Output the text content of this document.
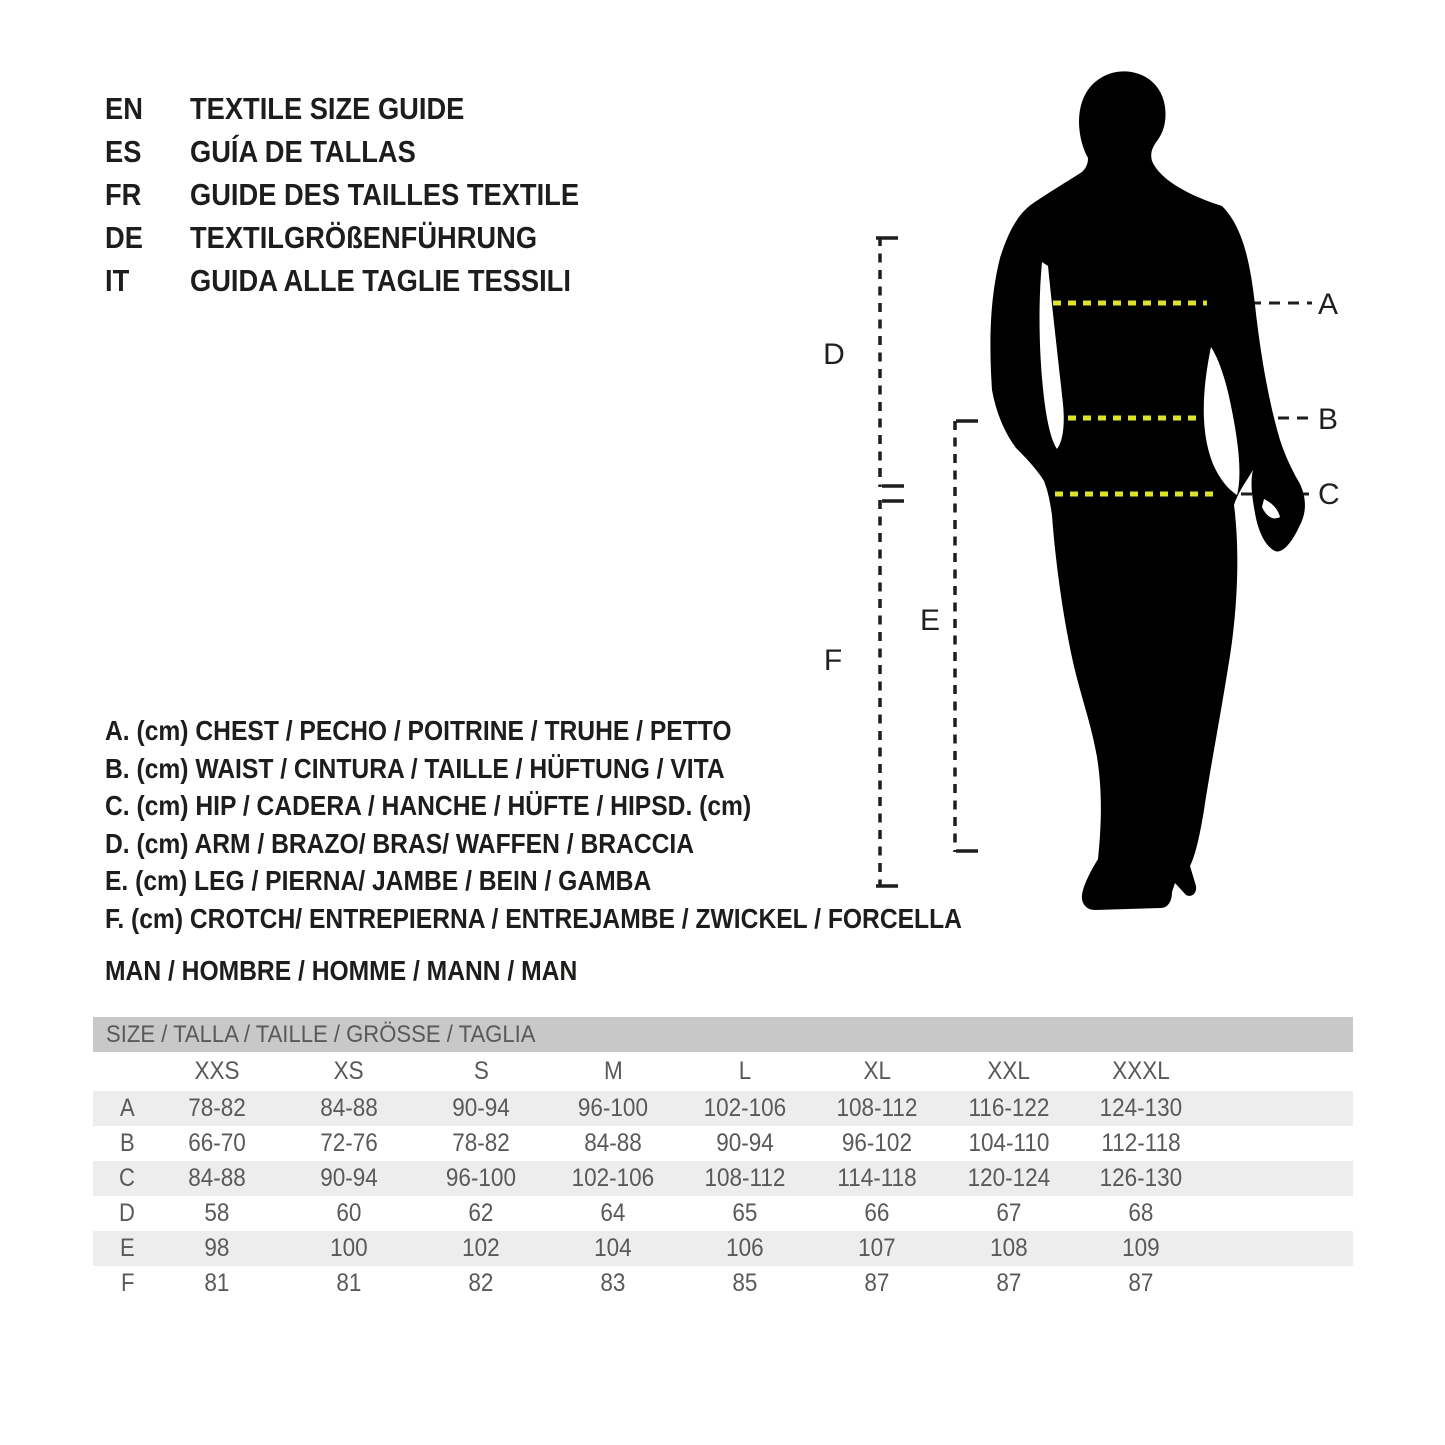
EN	TEXTILE SIZE GUIDE
ES	GUÍA DE TALLAS
FR	GUIDE DES TAILLES TEXTILE
DE	TEXTILGRÖßENFÜHRUNG
IT	GUIDA ALLE TAGLIE TESSILI
A
B
C
D
E
F
A. (cm) CHEST / PECHO / POITRINE / TRUHE / PETTO
B. (cm) WAIST / CINTURA / TAILLE / HÜFTUNG / VITA
C. (cm) HIP / CADERA / HANCHE / HÜFTE / HIPSD. (cm)
D. (cm) ARM / BRAZO/ BRAS/ WAFFEN / BRACCIA
E. (cm) LEG / PIERNA/ JAMBE / BEIN / GAMBA
F. (cm) CROTCH/ ENTREPIERNA / ENTREJAMBE / ZWICKEL / FORCELLA
MAN / HOMBRE / HOMME / MANN / MAN
SIZE / TALLA / TAILLE / GRÖSSE / TAGLIA									
	XXS	XS	S	M	L	XL	XXL	XXXL	
A	78-82	84-88	90-94	96-100	102-106	108-112	116-122	124-130	
B	66-70	72-76	78-82	84-88	90-94	96-102	104-110	112-118	
C	84-88	90-94	96-100	102-106	108-112	114-118	120-124	126-130	
D	58	60	62	64	65	66	67	68	
E	98	100	102	104	106	107	108	109	
F	81	81	82	83	85	87	87	87	
